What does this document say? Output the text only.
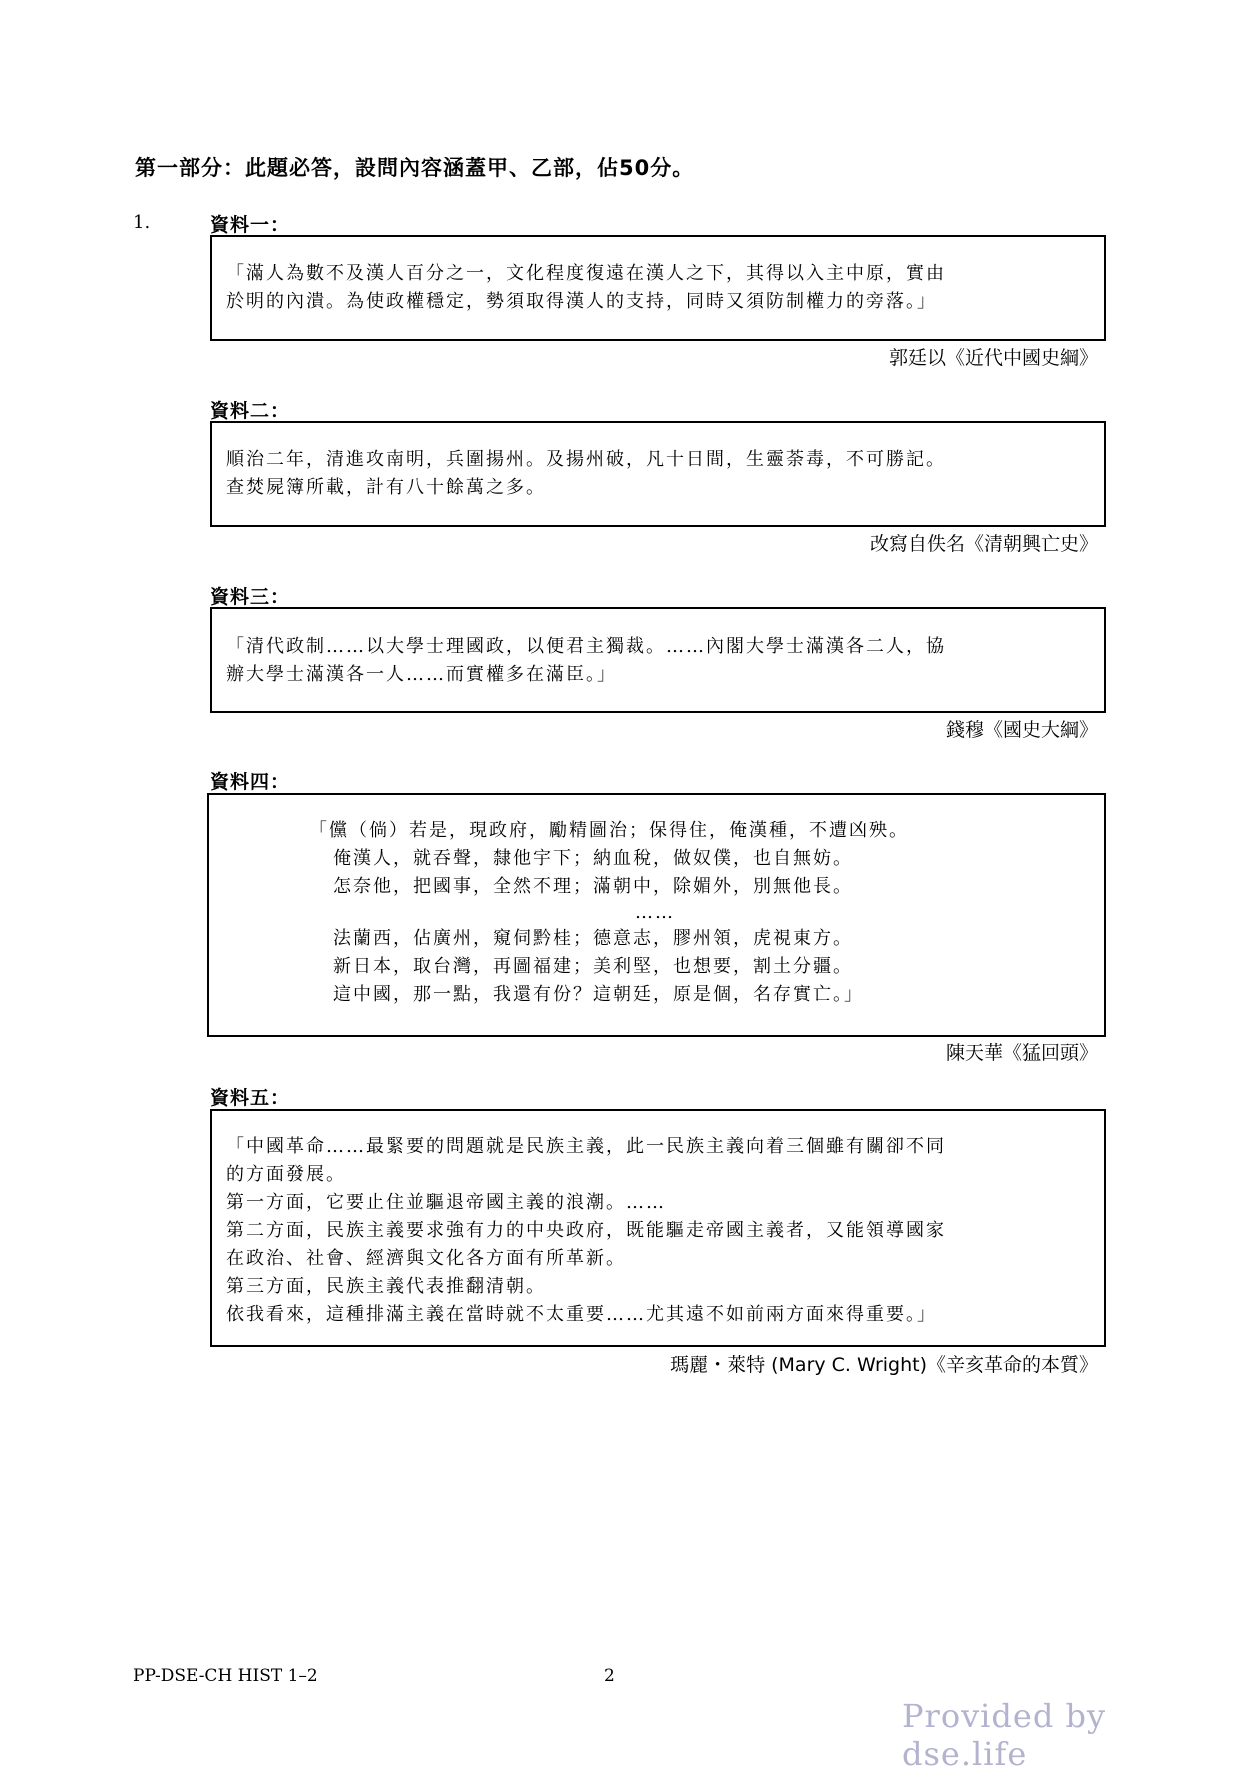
第一部分：此題必答，設問內容涵蓋甲、乙部，佔50分。
1.	資料一：

「滿人為數不及漢人百分之一，文化程度復遠在漢人之下，其得以入主中原，實由

於明的內潰。為使政權穩定，勢須取得漢人的支持，同時又須防制權力的旁落。」

郭廷以《近代中國史綱》
資料二：

順治二年，清進攻南明，兵圍揚州。及揚州破，凡十日間，生靈荼毒，不可勝記。

查焚屍簿所載，計有八十餘萬之多。

改寫自佚名《清朝興亡史》
資料三：

「清代政制……以大學士理國政，以便君主獨裁。……內閣大學士滿漢各二人，協

辦大學士滿漢各一人……而實權多在滿臣。」

錢穆《國史大綱》
資料四：

「儻（倘）若是，現政府，勵精圖治；保得住，俺漢種，不遭凶殃。

俺漢人，就吞聲，隸他宇下；納血稅，做奴僕，也自無妨。

怎奈他，把國事，全然不理；滿朝中，除媚外，別無他長。

……

法蘭西，佔廣州，窺伺黔桂；德意志，膠州領，虎視東方。

新日本，取台灣，再圖福建；美利堅，也想要，割土分疆。

這中國，那一點，我還有份？這朝廷，原是個，名存實亡。」

陳天華《猛回頭》
資料五：

「中國革命……最緊要的問題就是民族主義，此一民族主義向着三個雖有關卻不同

的方面發展。

第一方面，它要止住並驅退帝國主義的浪潮。……

第二方面，民族主義要求強有力的中央政府，既能驅走帝國主義者，又能領導國家

在政治、社會、經濟與文化各方面有所革新。

第三方面，民族主義代表推翻清朝。

依我看來，這種排滿主義在當時就不太重要……尤其遠不如前兩方面來得重要。」

瑪麗・萊特 (Mary C. Wright)《辛亥革命的本質》
PP-DSE-CH HIST 1–2	2
Provided by dse.life
